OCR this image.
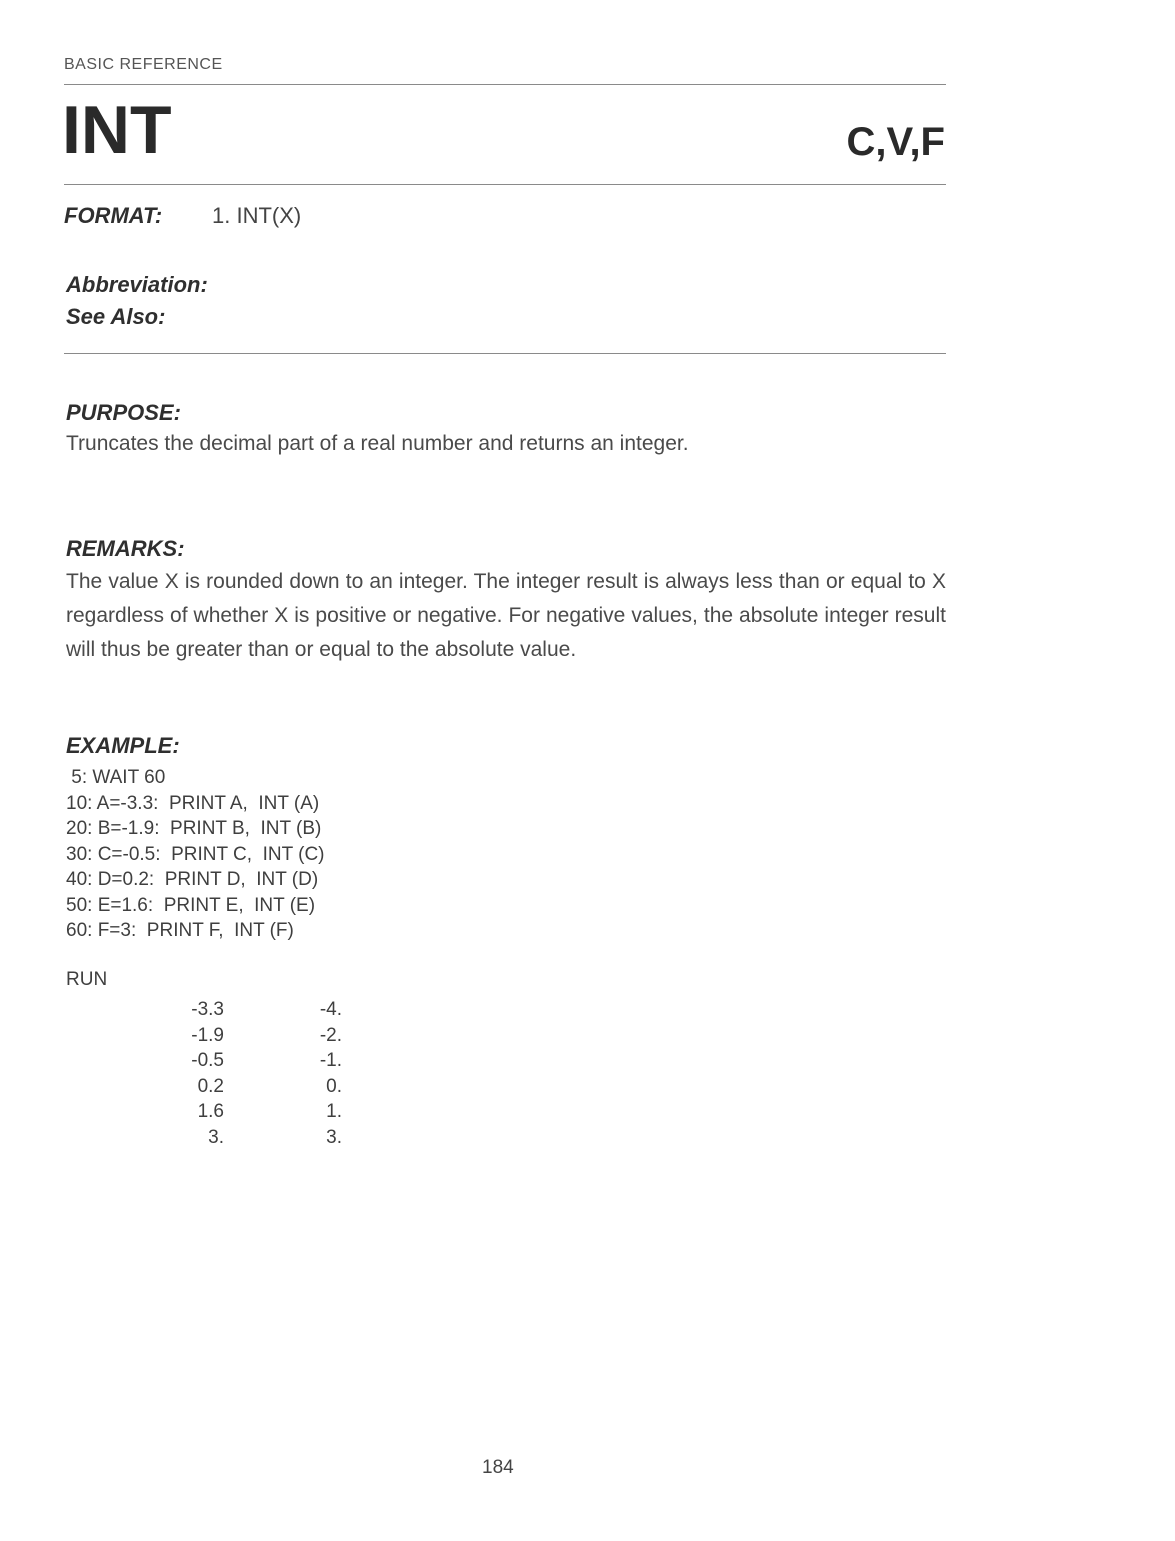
BASIC REFERENCE
INT	C,V,F
FORMAT: 1. INT(X)
Abbreviation:
See Also:
PURPOSE:
Truncates the decimal part of a real number and returns an integer.
REMARKS:
The value X is rounded down to an integer. The integer result is always less than or equal to X regardless of whether X is positive or negative. For negative values, the absolute integer result will thus be greater than or equal to the absolute value.
EXAMPLE:
5: WAIT 60
10: A=-3.3:  PRINT A,  INT (A)
20: B=-1.9:  PRINT B,  INT (B)
30: C=-0.5:  PRINT C,  INT (C)
40: D=0.2:  PRINT D,  INT (D)
50: E=1.6:  PRINT E,  INT (E)
60: F=3:  PRINT F,  INT (F)
RUN
-3.3
-1.9
-0.5
0.2
1.6
3.
-4.
-2.
-1.
0.
1.
3.
184
